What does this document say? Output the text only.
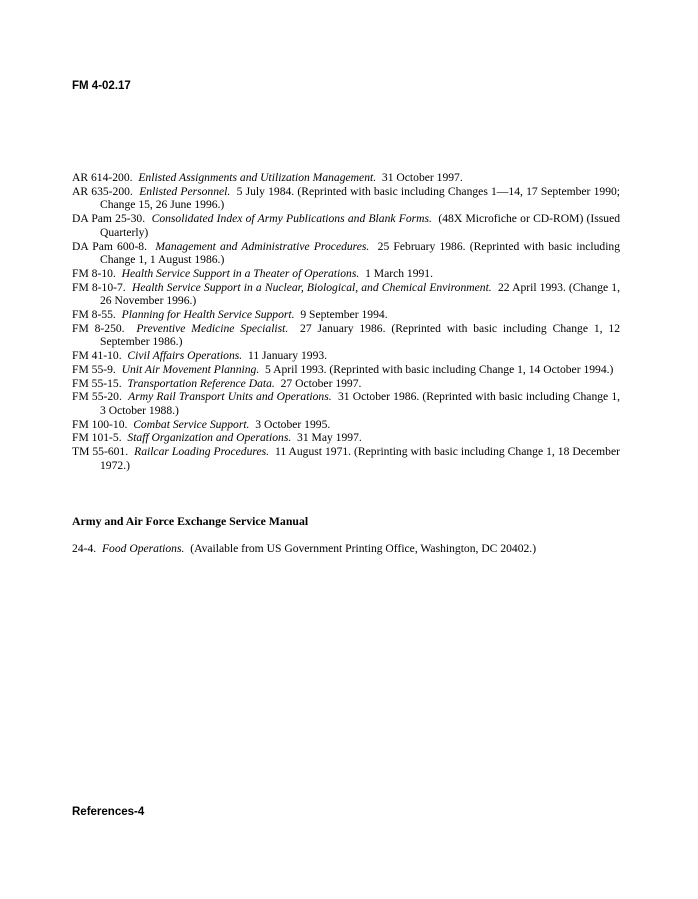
FM 4-02.17
AR 614-200. Enlisted Assignments and Utilization Management. 31 October 1997.
AR 635-200. Enlisted Personnel. 5 July 1984. (Reprinted with basic including Changes 1—14, 17 September 1990; Change 15, 26 June 1996.)
DA Pam 25-30. Consolidated Index of Army Publications and Blank Forms. (48X Microfiche or CD-ROM) (Issued Quarterly)
DA Pam 600-8. Management and Administrative Procedures. 25 February 1986. (Reprinted with basic including Change 1, 1 August 1986.)
FM 8-10. Health Service Support in a Theater of Operations. 1 March 1991.
FM 8-10-7. Health Service Support in a Nuclear, Biological, and Chemical Environment. 22 April 1993. (Change 1, 26 November 1996.)
FM 8-55. Planning for Health Service Support. 9 September 1994.
FM 8-250. Preventive Medicine Specialist. 27 January 1986. (Reprinted with basic including Change 1, 12 September 1986.)
FM 41-10. Civil Affairs Operations. 11 January 1993.
FM 55-9. Unit Air Movement Planning. 5 April 1993. (Reprinted with basic including Change 1, 14 October 1994.)
FM 55-15. Transportation Reference Data. 27 October 1997.
FM 55-20. Army Rail Transport Units and Operations. 31 October 1986. (Reprinted with basic including Change 1, 3 October 1988.)
FM 100-10. Combat Service Support. 3 October 1995.
FM 101-5. Staff Organization and Operations. 31 May 1997.
TM 55-601. Railcar Loading Procedures. 11 August 1971. (Reprinting with basic including Change 1, 18 December 1972.)
Army and Air Force Exchange Service Manual
24-4. Food Operations. (Available from US Government Printing Office, Washington, DC 20402.)
References-4
